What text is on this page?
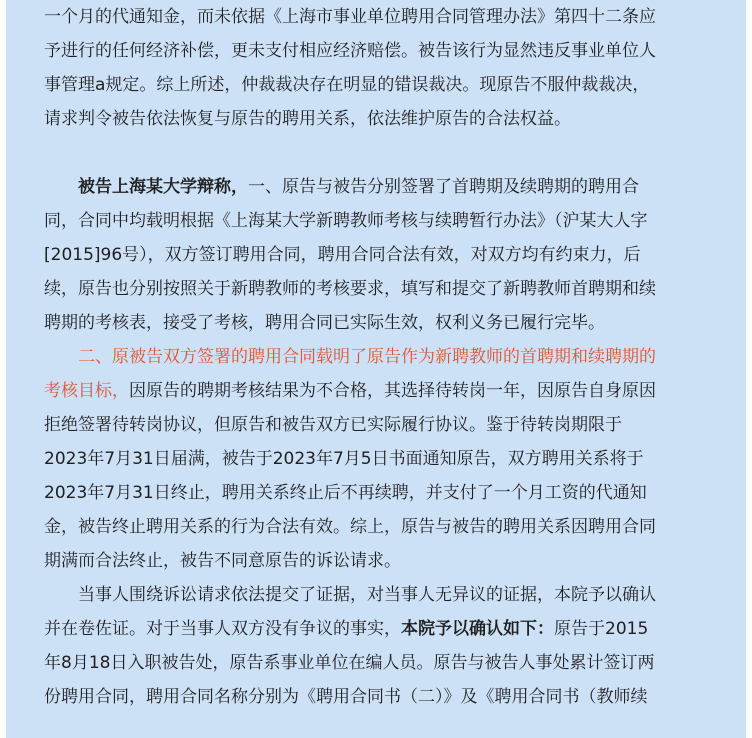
一个月的代通知金，而未依据《上海市事业单位聘用合同管理办法》第四十二条应
予进行的任何经济补偿，更未支付相应经济赔偿。被告该行为显然违反事业单位人
事管理a规定。综上所述，仲裁裁决存在明显的错误裁决。现原告不服仲裁裁决，
请求判令被告依法恢复与原告的聘用关系，依法维护原告的合法权益。
被告上海某大学辩称，一、原告与被告分别签署了首聘期及续聘期的聘用合
同，合同中均载明根据《上海某大学新聘教师考核与续聘暂行办法》（沪某大人字
[2015]96号），双方签订聘用合同，聘用合同合法有效，对双方均有约束力，后
续，原告也分别按照关于新聘教师的考核要求，填写和提交了新聘教师首聘期和续
聘期的考核表，接受了考核，聘用合同已实际生效，权利义务已履行完毕。
二、原被告双方签署的聘用合同载明了原告作为新聘教师的首聘期和续聘期的
考核目标，因原告的聘期考核结果为不合格，其选择待转岗一年，因原告自身原因
拒绝签署待转岗协议，但原告和被告双方已实际履行协议。鉴于待转岗期限于
2023年7月31日届满，被告于2023年7月5日书面通知原告，双方聘用关系将于
2023年7月31日终止，聘用关系终止后不再续聘，并支付了一个月工资的代通知
金，被告终止聘用关系的行为合法有效。综上，原告与被告的聘用关系因聘用合同
期满而合法终止，被告不同意原告的诉讼请求。
当事人围绕诉讼请求依法提交了证据，对当事人无异议的证据，本院予以确认
并在卷佐证。对于当事人双方没有争议的事实，本院予以确认如下：原告于2015
年8月18日入职被告处，原告系事业单位在编人员。原告与被告人事处累计签订两
份聘用合同，聘用合同名称分别为《聘用合同书（二）》及《聘用合同书（教师续
